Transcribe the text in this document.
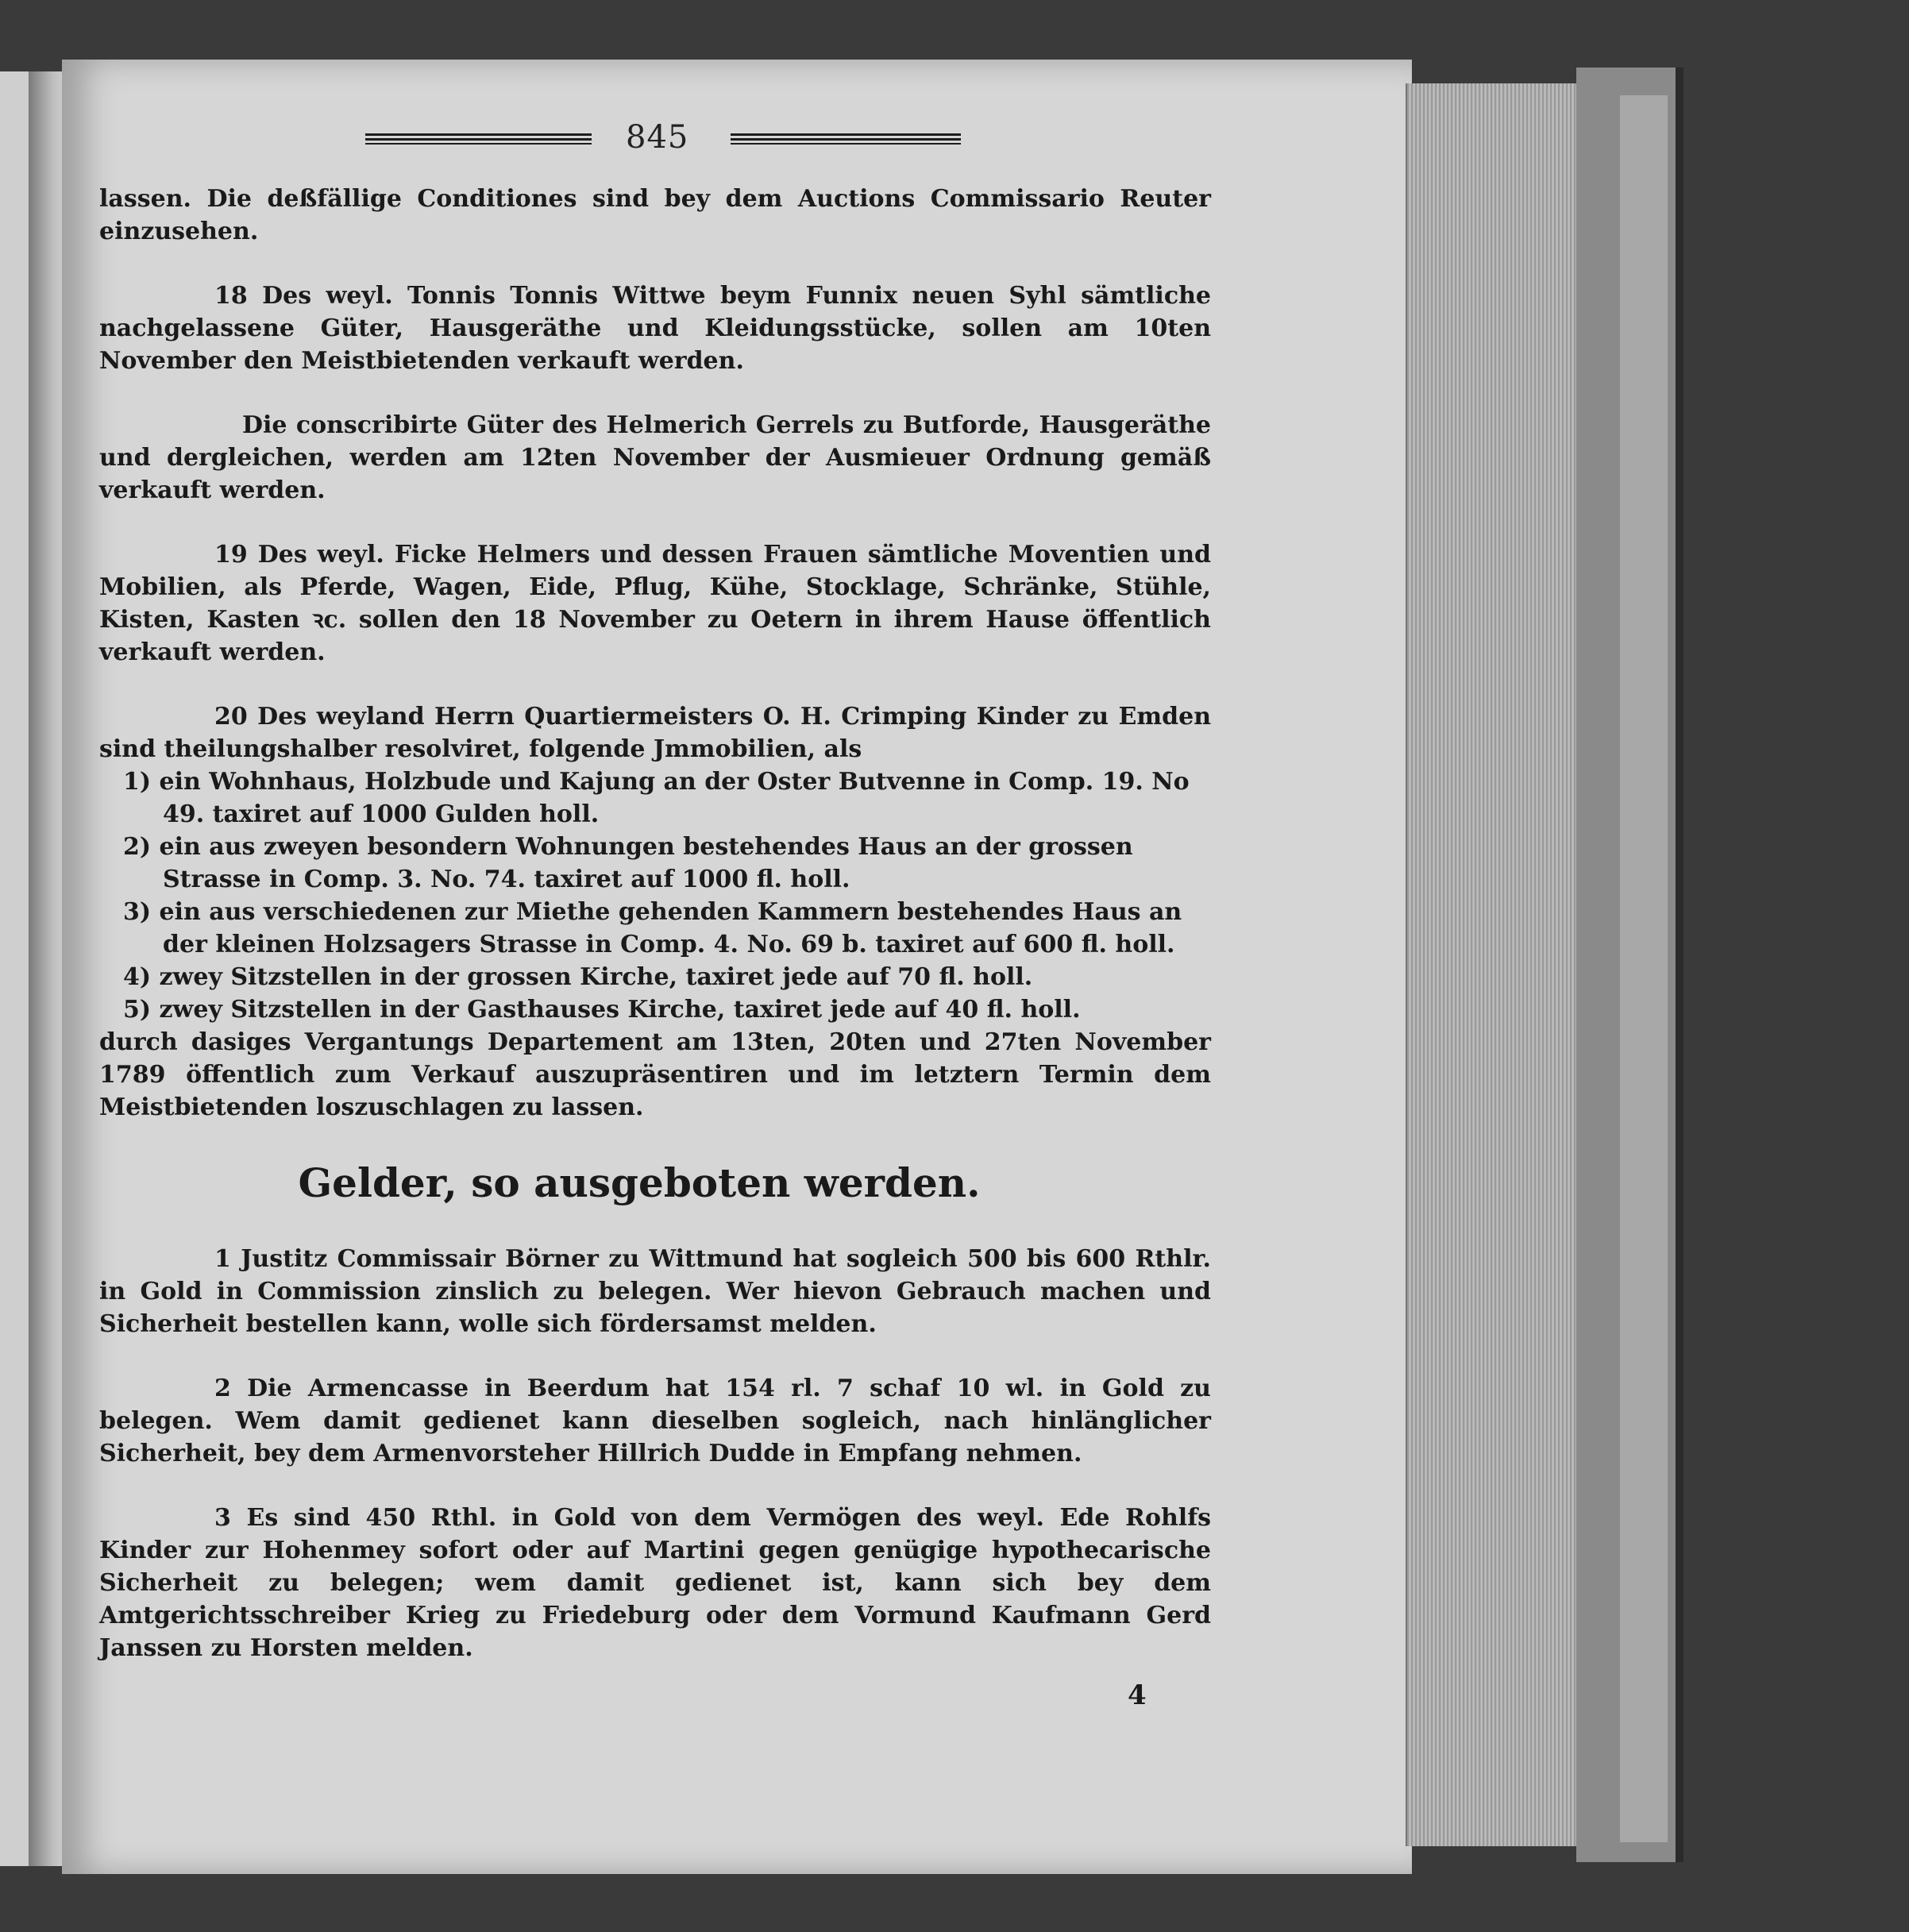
845

lassen. Die deßfällige Conditiones sind bey dem Auctions Commissario Reuter einzusehen.

18 Des weyl. Tonnis Tonnis Wittwe beym Funnix neuen Syhl sämtliche nachgelassene Güter, Hausgeräthe und Kleidungsstücke, sollen am 10ten November den Meistbietenden verkauft werden.

Die conscribirte Güter des Helmerich Gerrels zu Butforde, Hausgeräthe und dergleichen, werden am 12ten November der Ausmieuer Ordnung gemäß verkauft werden.

19 Des weyl. Ficke Helmers und dessen Frauen sämtliche Moventien und Mobilien, als Pferde, Wagen, Eide, Pflug, Kühe, Stocklage, Schränke, Stühle, Kisten, Kasten ꝛc. sollen den 18 November zu Oetern in ihrem Hause öffentlich verkauft werden.

20 Des weyland Herrn Quartiermeisters O. H. Crimping Kinder zu Emden sind theilungshalber resolviret, folgende Jmmobilien, als

1) ein Wohnhaus, Holzbude und Kajung an der Oster Butvenne in Comp. 19. No 49. taxiret auf 1000 Gulden holl.
2) ein aus zweyen besondern Wohnungen bestehendes Haus an der grossen Strasse in Comp. 3. No. 74. taxiret auf 1000 fl. holl.
3) ein aus verschiedenen zur Miethe gehenden Kammern bestehendes Haus an der kleinen Holzsagers Strasse in Comp. 4. No. 69 b. taxiret auf 600 fl. holl.
4) zwey Sitzstellen in der grossen Kirche, taxiret jede auf 70 fl. holl.
5) zwey Sitzstellen in der Gasthauses Kirche, taxiret jede auf 40 fl. holl.

durch dasiges Vergantungs Departement am 13ten, 20ten und 27ten November 1789 öffentlich zum Verkauf auszupräsentiren und im letztern Termin dem Meistbietenden loszuschlagen zu lassen.

Gelder, so ausgeboten werden.

1 Justitz Commissair Börner zu Wittmund hat sogleich 500 bis 600 Rthlr. in Gold in Commission zinslich zu belegen. Wer hievon Gebrauch machen und Sicherheit bestellen kann, wolle sich fördersamst melden.

2 Die Armencasse in Beerdum hat 154 rl. 7 schaf 10 wl. in Gold zu belegen. Wem damit gedienet kann dieselben sogleich, nach hinlänglicher Sicherheit, bey dem Armenvorsteher Hillrich Dudde in Empfang nehmen.

3 Es sind 450 Rthl. in Gold von dem Vermögen des weyl. Ede Rohlfs Kinder zur Hohenmey sofort oder auf Martini gegen genügige hypothecarische Sicherheit zu belegen; wem damit gedienet ist, kann sich bey dem Amtgerichtsschreiber Krieg zu Friedeburg oder dem Vormund Kaufmann Gerd Janssen zu Horsten melden.

4
